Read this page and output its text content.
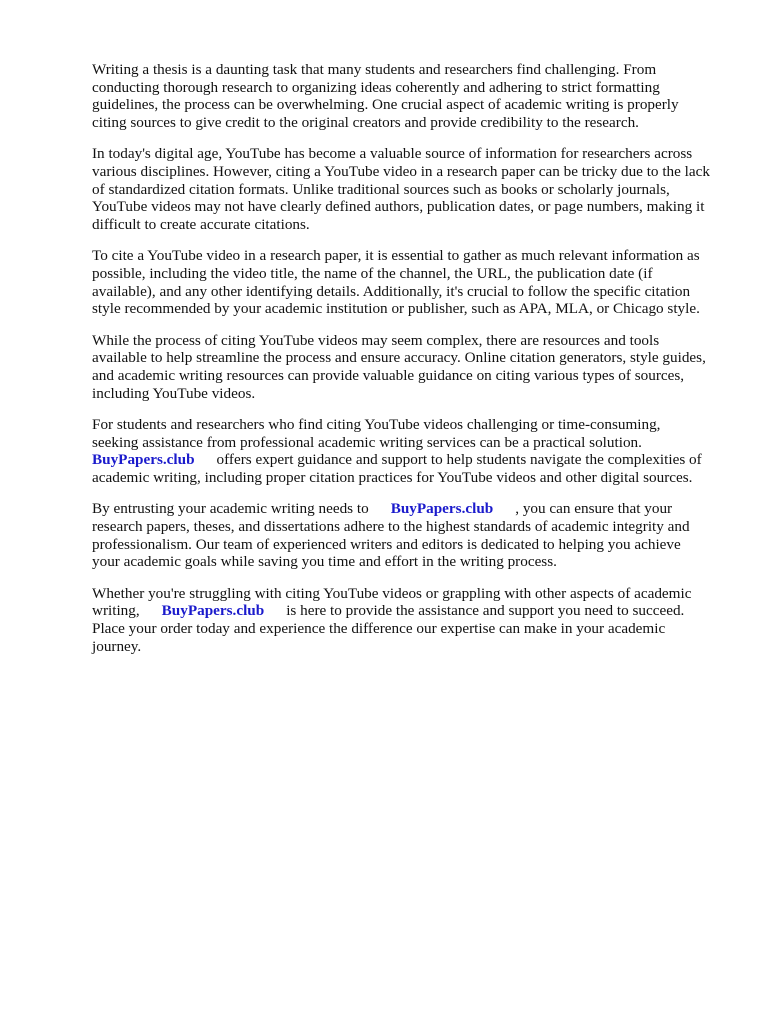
Writing a thesis is a daunting task that many students and researchers find challenging. From
conducting thorough research to organizing ideas coherently and adhering to strict formatting
guidelines, the process can be overwhelming. One crucial aspect of academic writing is properly
citing sources to give credit to the original creators and provide credibility to the research.

In today's digital age, YouTube has become a valuable source of information for researchers across
various disciplines. However, citing a YouTube video in a research paper can be tricky due to the lack
of standardized citation formats. Unlike traditional sources such as books or scholarly journals,
YouTube videos may not have clearly defined authors, publication dates, or page numbers, making it
difficult to create accurate citations.

To cite a YouTube video in a research paper, it is essential to gather as much relevant information as
possible, including the video title, the name of the channel, the URL, the publication date (if
available), and any other identifying details. Additionally, it's crucial to follow the specific citation
style recommended by your academic institution or publisher, such as APA, MLA, or Chicago style.

While the process of citing YouTube videos may seem complex, there are resources and tools
available to help streamline the process and ensure accuracy. Online citation generators, style guides,
and academic writing resources can provide valuable guidance on citing various types of sources,
including YouTube videos.

For students and researchers who find citing YouTube videos challenging or time-consuming,
seeking assistance from professional academic writing services can be a practical solution.
BuyPapers.club offers expert guidance and support to help students navigate the complexities of
academic writing, including proper citation practices for YouTube videos and other digital sources.

By entrusting your academic writing needs to BuyPapers.club , you can ensure that your
research papers, theses, and dissertations adhere to the highest standards of academic integrity and
professionalism. Our team of experienced writers and editors is dedicated to helping you achieve
your academic goals while saving you time and effort in the writing process.

Whether you're struggling with citing YouTube videos or grappling with other aspects of academic
writing, BuyPapers.club is here to provide the assistance and support you need to succeed.
Place your order today and experience the difference our expertise can make in your academic
journey.
